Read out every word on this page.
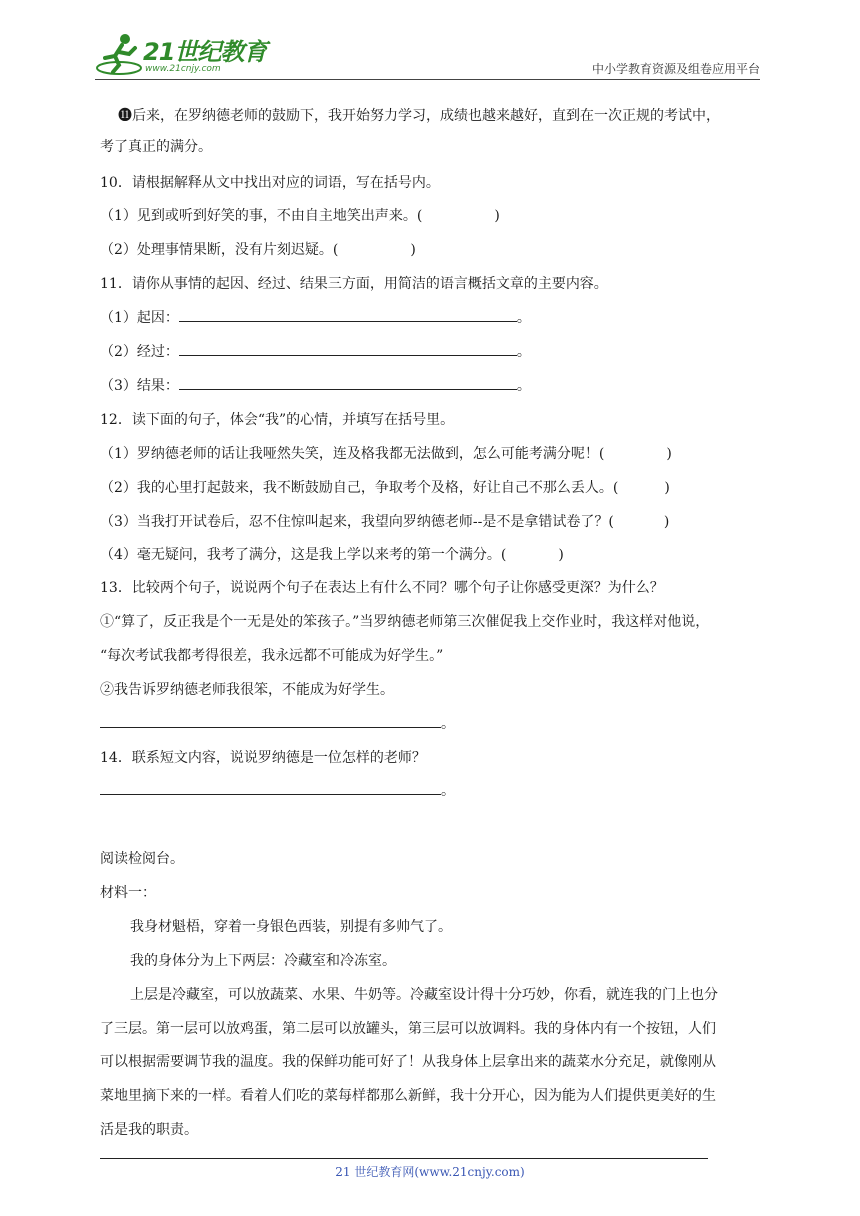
21世纪教育
www.21cnjy.com	中小学教育资源及组卷应用平台
⓫后来，在罗纳德老师的鼓励下，我开始努力学习，成绩也越来越好，直到在一次正规的考试中，
考了真正的满分。
10．请根据解释从文中找出对应的词语，写在括号内。
（1）见到或听到好笑的事，不由自主地笑出声来。(	)
（2）处理事情果断，没有片刻迟疑。(	)
11．请你从事情的起因、经过、结果三方面，用简洁的语言概括文章的主要内容。
（1）起因：	。
（2）经过：	。
（3）结果：	。
12．读下面的句子，体会“我”的心情，并填写在括号里。
（1）罗纳德老师的话让我哑然失笑，连及格我都无法做到，怎么可能考满分呢！(	)
（2）我的心里打起鼓来，我不断鼓励自己，争取考个及格，好让自己不那么丢人。(	)
（3）当我打开试卷后，忍不住惊叫起来，我望向罗纳德老师--是不是拿错试卷了？(	)
（4）毫无疑问，我考了满分，这是我上学以来考的第一个满分。(	)
13．比较两个句子，说说两个句子在表达上有什么不同？哪个句子让你感受更深？为什么？
①“算了，反正我是个一无是处的笨孩子。”当罗纳德老师第三次催促我上交作业时，我这样对他说，
“每次考试我都考得很差，我永远都不可能成为好学生。”
②我告诉罗纳德老师我很笨，不能成为好学生。
。
14．联系短文内容，说说罗纳德是一位怎样的老师？
。
阅读检阅台。
材料一：
我身材魁梧，穿着一身银色西装，别提有多帅气了。
我的身体分为上下两层：冷藏室和冷冻室。
上层是冷藏室，可以放蔬菜、水果、牛奶等。冷藏室设计得十分巧妙，你看，就连我的门上也分
了三层。第一层可以放鸡蛋，第二层可以放罐头，第三层可以放调料。我的身体内有一个按钮，人们
可以根据需要调节我的温度。我的保鲜功能可好了！从我身体上层拿出来的蔬菜水分充足，就像刚从
菜地里摘下来的一样。看着人们吃的菜每样都那么新鲜，我十分开心，因为能为人们提供更美好的生
活是我的职责。
21 世纪教育网(www.21cnjy.com)
